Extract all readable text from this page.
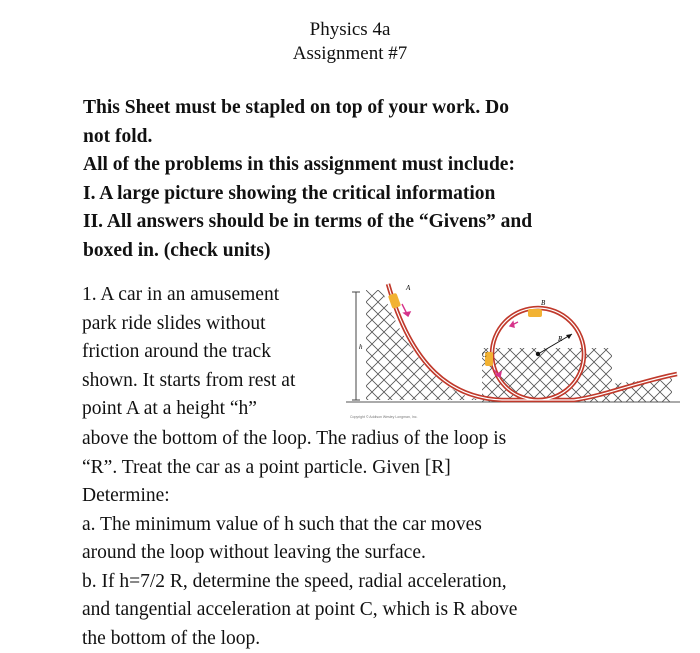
Physics 4a
Assignment #7

This Sheet must be stapled on top of your work. Do

not fold.

All of the problems in this assignment must include:

I. A large picture showing the critical information

II. All answers should be in terms of the “Givens” and

boxed in. (check units)

1. A car in an amusement
park ride slides without
friction around the track
shown. It starts from rest at
point A at a height “h”
A
B
C
h
R
Copyright © Addison Wesley Longman, Inc.
above the bottom of the loop. The radius of the loop is
“R”. Treat the car as a point particle. Given [R]
Determine:
a. The minimum value of h such that the car moves
around the loop without leaving the surface.
b. If h=7/2 R, determine the speed, radial acceleration,
and tangential acceleration at point C, which is R above
the bottom of the loop.
